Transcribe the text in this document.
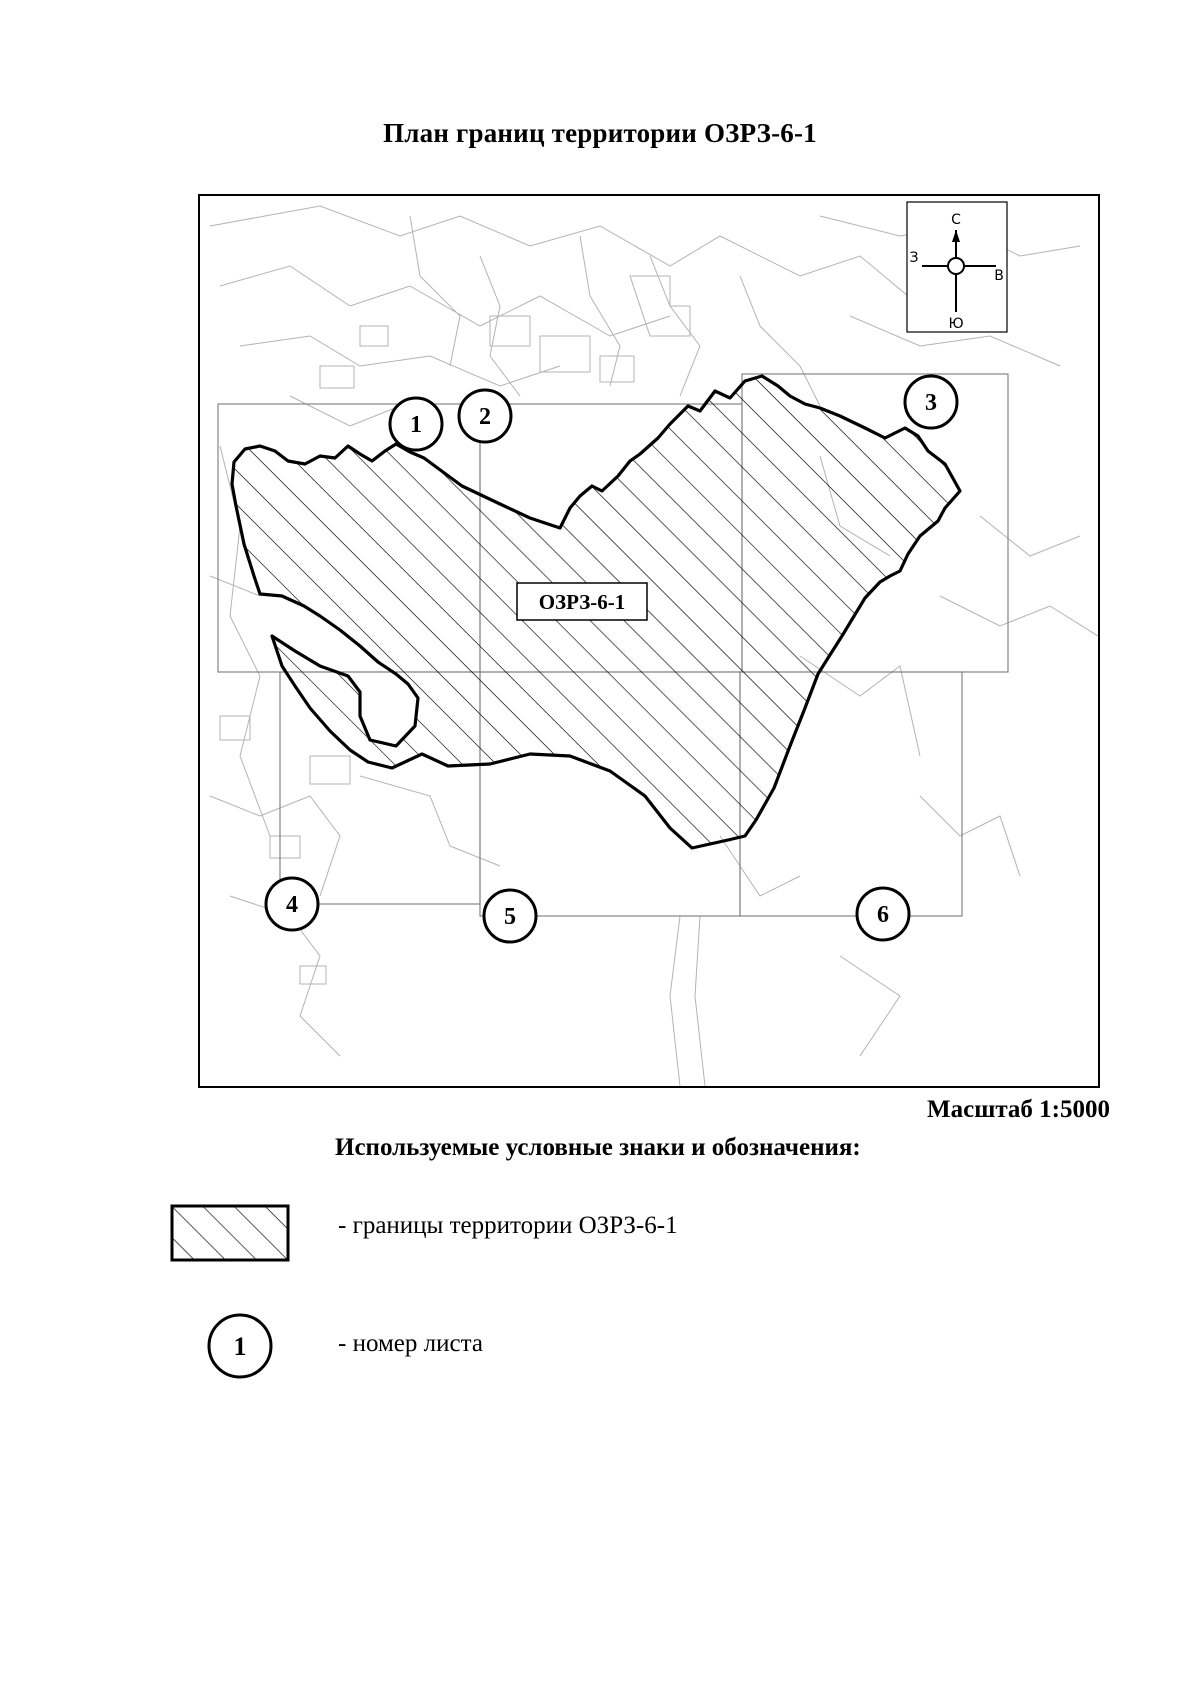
План границ территории ОЗРЗ-6-1
ОЗРЗ-6-1
С
Ю
З
В
1 2
3
4	5	6
Масштаб 1:5000
Используемые условные знаки и обозначения:
- границы территории ОЗРЗ-6-1
1	- номер листа
